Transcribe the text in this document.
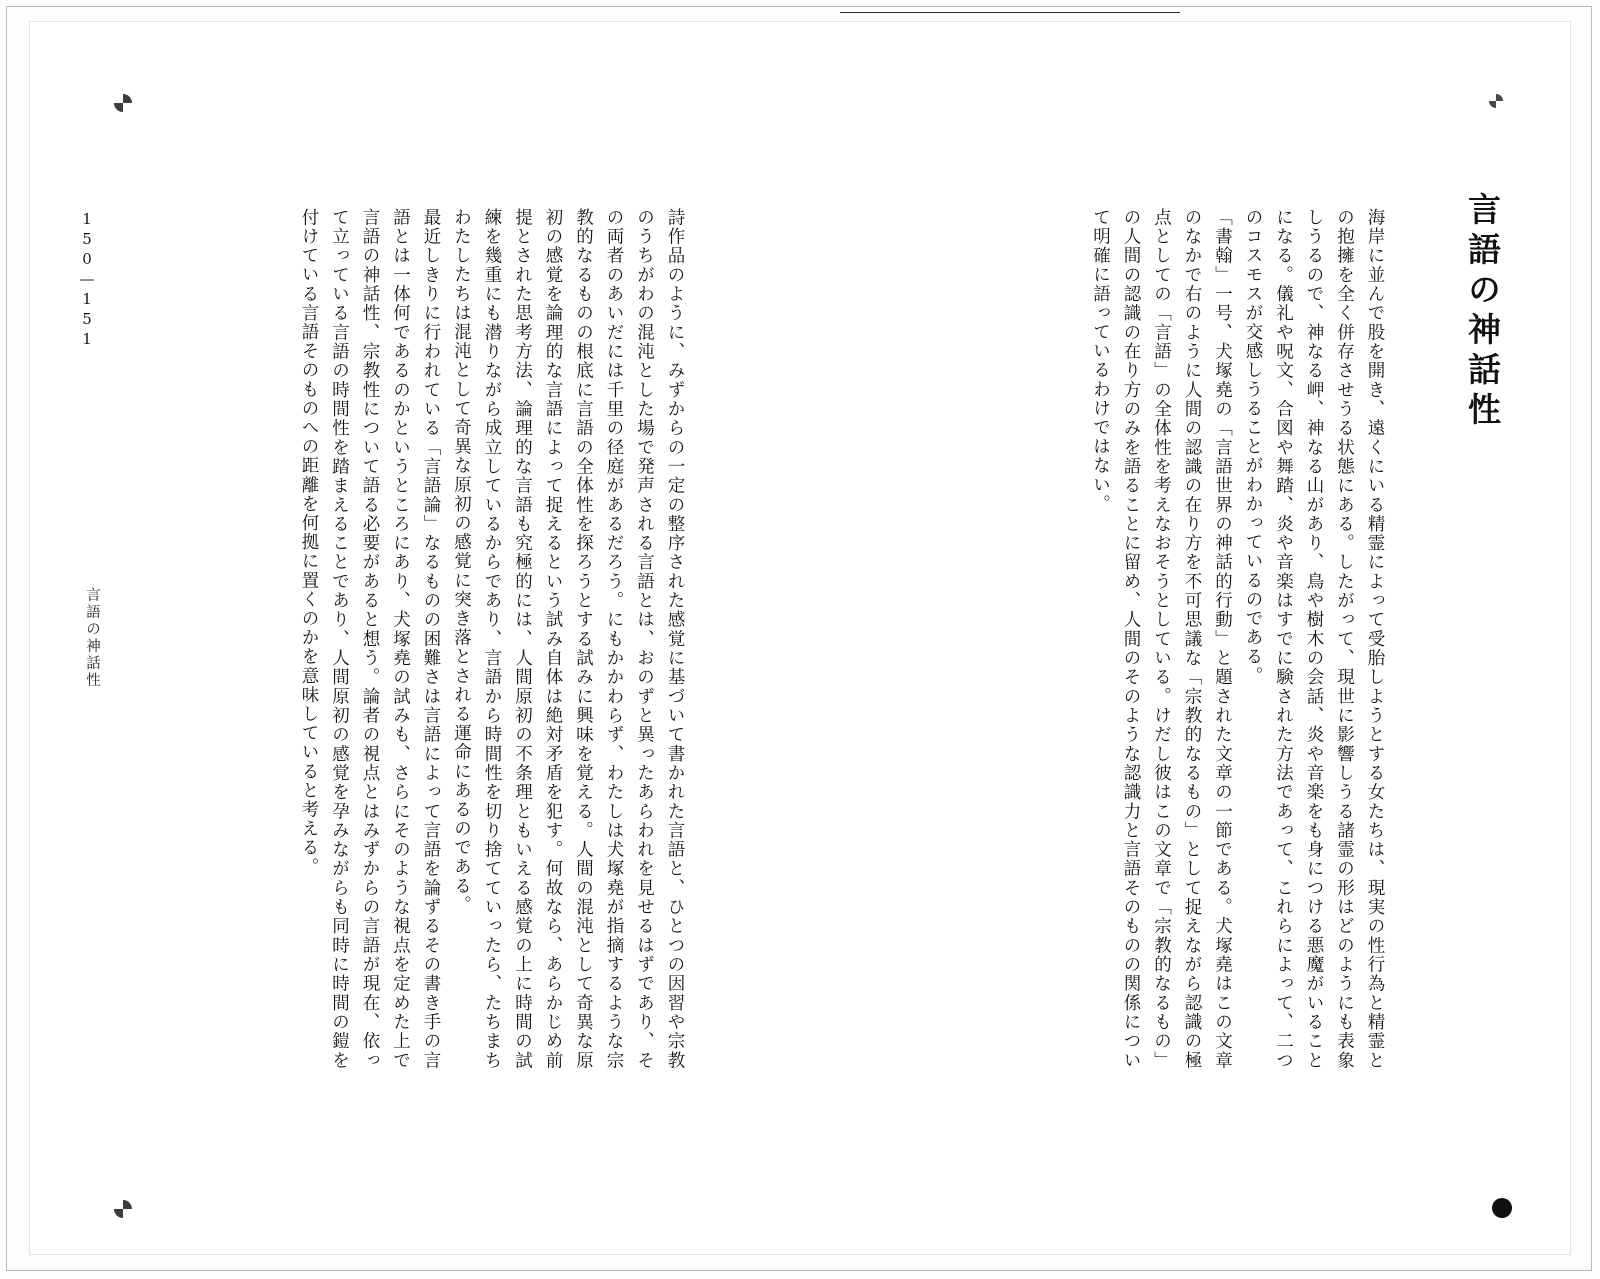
150—151
言語の神話性
言語の神話性

海岸に並んで股を開き、遠くにいる精霊によって受胎しようとする女たちは、現実の性行為と精霊との抱擁を全く併存させうる状態にある。したがって、現世に影響しうる諸霊の形はどのようにも表象しうるので、神なる岬、神なる山があり、鳥や樹木の会話、炎や音楽をも身につける悪魔がいることになる。儀礼や呪文、合図や舞踏、炎や音楽はすでに験された方法であって、これらによって、二つのコスモスが交感しうることがわかっているのである。

「書翰」一号、犬塚堯の「言語世界の神話的行動」と題された文章の一節である。犬塚堯はこの文章のなかで右のように人間の認識の在り方を不可思議な「宗教的なるもの」として捉えながら認識の極点としての「言語」の全体性を考えなおそうとしている。けだし彼はこの文章で「宗教的なるもの」の人間の認識の在り方のみを語ることに留め、人間のそのような認識力と言語そのものの関係について明確に語っているわけではない。

詩作品のように、みずからの一定の整序された感覚に基づいて書かれた言語と、ひとつの因習や宗教のうちがわの混沌とした場で発声される言語とは、おのずと異ったあらわれを見せるはずであり、その両者のあいだには千里の径庭があるだろう。にもかかわらず、わたしは犬塚堯が指摘するような宗教的なるものの根底に言語の全体性を探ろうとする試みに興味を覚える。人間の混沌として奇異な原初の感覚を論理的な言語によって捉えるという試み自体は絶対矛盾を犯す。何故なら、あらかじめ前提とされた思考方法、論理的な言語も究極的には、人間原初の不条理ともいえる感覚の上に時間の試練を幾重にも潜りながら成立しているからであり、言語から時間性を切り捨てていったら、たちまちわたしたちは混沌として奇異な原初の感覚に突き落とされる運命にあるのである。

最近しきりに行われている「言語論」なるものの困難さは言語によって言語を論ずるその書き手の言語とは一体何であるのかというところにあり、犬塚堯の試みも、さらにそのような視点を定めた上で言語の神話性、宗教性について語る必要があると想う。論者の視点とはみずからの言語が現在、依って立っている言語の時間性を踏まえることであり、人間原初の感覚を孕みながらも同時に時間の鎧を付けている言語そのものへの距離を何拠に置くのかを意味していると考える。
